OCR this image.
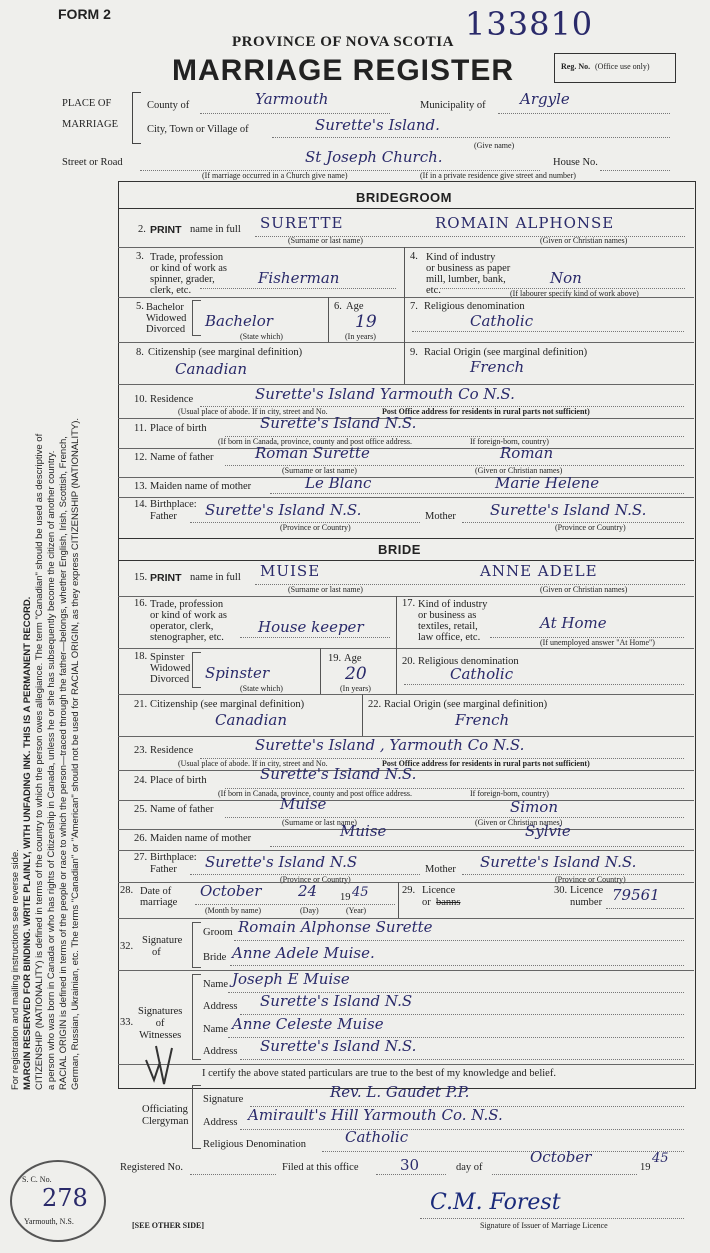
FORM 2	133810
PROVINCE OF NOVA SCOTIA
MARRIAGE REGISTER	Reg. No. (Office use only)
PLACE OF
MARRIAGE
County of	Yarmouth	Municipality of Argyle
City, Town or Village of	Surette's Island.
(Give name)
Street or Road	St Joseph Church.	House No.
(If marriage occurred in a Church give name)	(If in a private residence give street and number)
For registration and mailing instructions see reverse side. MARGIN RESERVED FOR BINDING. WRITE PLAINLY, WITH UNFADING INK. THIS IS A PERMANENT RECORD. CITIZENSHIP (NATIONALITY) is defined in terms of the country to which the person owes allegiance. The term "Canadian" should be used as descriptive of a person who was born in Canada or who has rights of Citizenship in Canada, unless he or she has subsequently become the citizen of another country. RACIAL ORIGIN is defined in terms of the people or race to which the person—traced through the father—belongs, whether English, Irish, Scottish, French, German, Russian, Ukrainian, etc. The terms "Canadian" or "American" should not be used for RACIAL ORIGIN, as they express CITIZENSHIP (NATIONALITY).
BRIDEGROOM
2. PRINT name in full SURETTE	ROMAIN ALPHONSE
(Surname or last name)	(Given or Christian names)
3. Trade, profession
or kind of work as
spinner, grader,
clerk, etc.
Fisherman
4. Kind of industry
or business as paper
mill, lumber, bank,
etc.
Non
(If labourer specify kind of work above)
5. Bachelor
Widowed
Divorced Bachelor
(State which)
6. Age
19
(In years)
7. Religious denomination
Catholic
8. Citizenship (see marginal definition)
Canadian
9. Racial Origin (see marginal definition)
French
10. Residence	Surette's Island Yarmouth Co N.S.
(Usual place of abode. If in city, street and No.	Post Office address for residents in rural parts not sufficient)
11. Place of birth	Surette's Island N.S.
(If born in Canada, province, county and post office address.	If foreign-born, country)
12. Name of father	Roman Surette	Roman
(Surname or last name)	(Given or Christian names)
13. Maiden name of mother	Le Blanc	Marie Helene
14. Birthplace:
Father Surette's Island N.S.	Mother Surette's Island N.S.
(Province or Country)	(Province or Country)
BRIDE
15. PRINT name in full MUISE	ANNE ADELE
(Surname or last name)	(Given or Christian names)
16. Trade, profession
or kind of work as
operator, clerk,
stenographer, etc.
House keeper
17. Kind of industry
or business as
textiles, retail,
law office, etc.
At Home
(If unemployed answer "At Home")
18. Spinster
Widowed
Divorced Spinster
(State which)
19. Age
20
(In years)
20. Religious denomination
Catholic
21. Citizenship (see marginal definition)
Canadian
22. Racial Origin (see marginal definition)
French
23. Residence	Surette's Island , Yarmouth Co N.S.
(Usual place of abode. If in city, street and No.	Post Office address for residents in rural parts not sufficient)
24. Place of birth	Surette's Island N.S.
(If born in Canada, province, county and post office address.	If foreign-born, country)
25. Name of father	Muise	Simon
(Surname or last name)	(Given or Christian names)
26. Maiden name of mother	Muise	Sylvie
27. Birthplace:
Father Surette's Island N.S	Mother Surette's Island N.S.
(Province or Country)	(Province or Country)
28. Date of
marriage
October 24 19 45
(Month by name)	(Day)	(Year)
29. Licence
or banns
30. Licence
number 79561
32.
Signature
of
Groom Romain Alphonse Surette
Bride Anne Adele Muise.
33.
Signatures
of
Witnesses
Name Joseph E Muise
Address Surette's Island N.S
Name Anne Celeste Muise
Address Surette's Island N.S.
I certify the above stated particulars are true to the best of my knowledge and belief.
Officiating
Clergyman
Signature	Rev. L. Gaudet P.P.
Address Amirault's Hill Yarmouth Co. N.S.
Religious Denomination	Catholic
Registered No.	Filed at this office	30	day of
October
19
45
C.M. Forest
Signature of Issuer of Marriage Licence
[SEE OTHER SIDE]
S. C. No.
278
Yarmouth, N.S.
